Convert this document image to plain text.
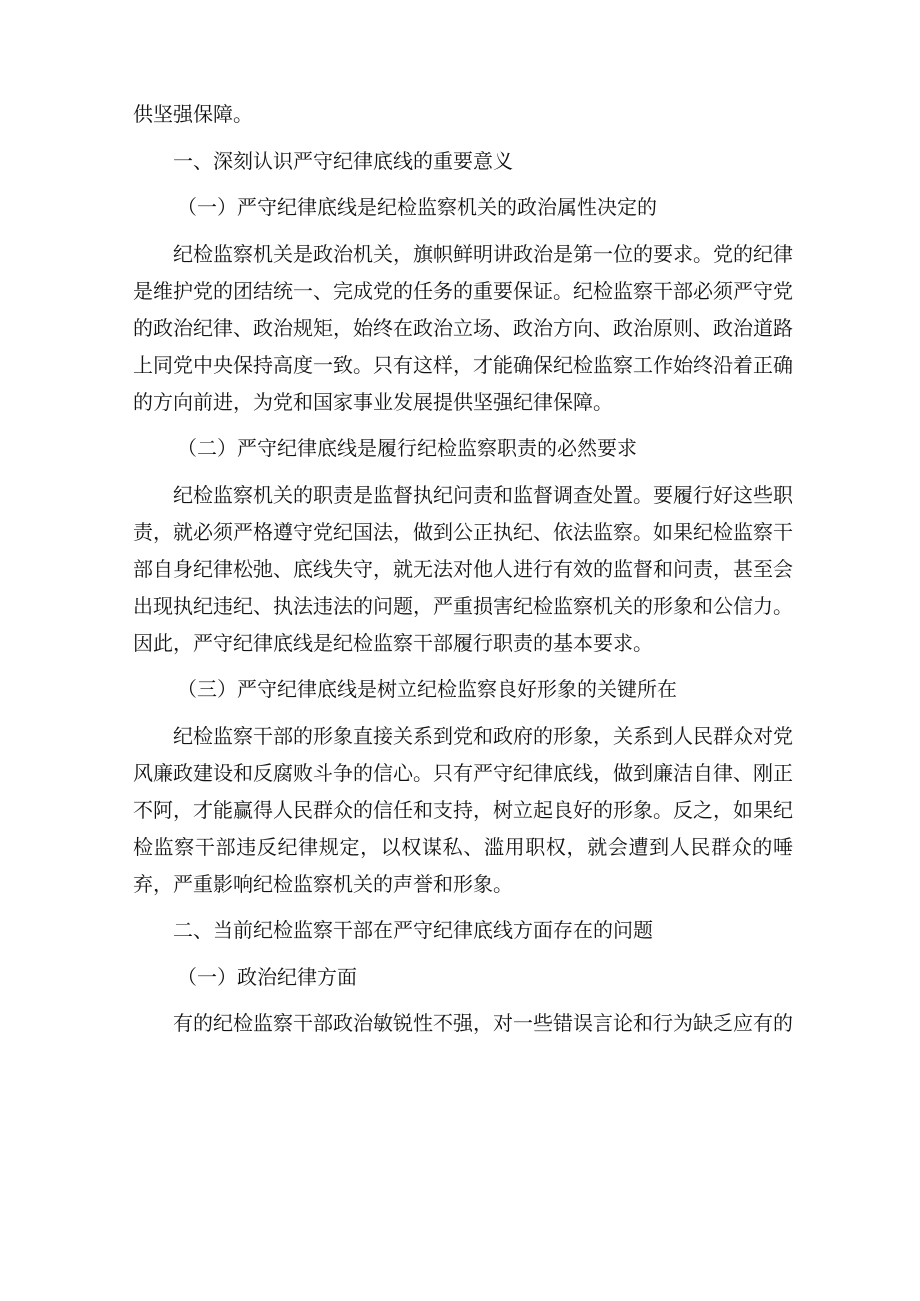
供坚强保障。

一、深刻认识严守纪律底线的重要意义

（一）严守纪律底线是纪检监察机关的政治属性决定的

纪检监察机关是政治机关，旗帜鲜明讲政治是第一位的要求。党的纪律是维护党的团结统一、完成党的任务的重要保证。纪检监察干部必须严守党的政治纪律、政治规矩，始终在政治立场、政治方向、政治原则、政治道路上同党中央保持高度一致。只有这样，才能确保纪检监察工作始终沿着正确的方向前进，为党和国家事业发展提供坚强纪律保障。

（二）严守纪律底线是履行纪检监察职责的必然要求

纪检监察机关的职责是监督执纪问责和监督调查处置。要履行好这些职责，就必须严格遵守党纪国法，做到公正执纪、依法监察。如果纪检监察干部自身纪律松弛、底线失守，就无法对他人进行有效的监督和问责，甚至会出现执纪违纪、执法违法的问题，严重损害纪检监察机关的形象和公信力。因此，严守纪律底线是纪检监察干部履行职责的基本要求。

（三）严守纪律底线是树立纪检监察良好形象的关键所在

纪检监察干部的形象直接关系到党和政府的形象，关系到人民群众对党风廉政建设和反腐败斗争的信心。只有严守纪律底线，做到廉洁自律、刚正不阿，才能赢得人民群众的信任和支持，树立起良好的形象。反之，如果纪检监察干部违反纪律规定，以权谋私、滥用职权，就会遭到人民群众的唾弃，严重影响纪检监察机关的声誉和形象。

二、当前纪检监察干部在严守纪律底线方面存在的问题

（一）政治纪律方面

有的纪检监察干部政治敏锐性不强，对一些错误言论和行为缺乏应有的
